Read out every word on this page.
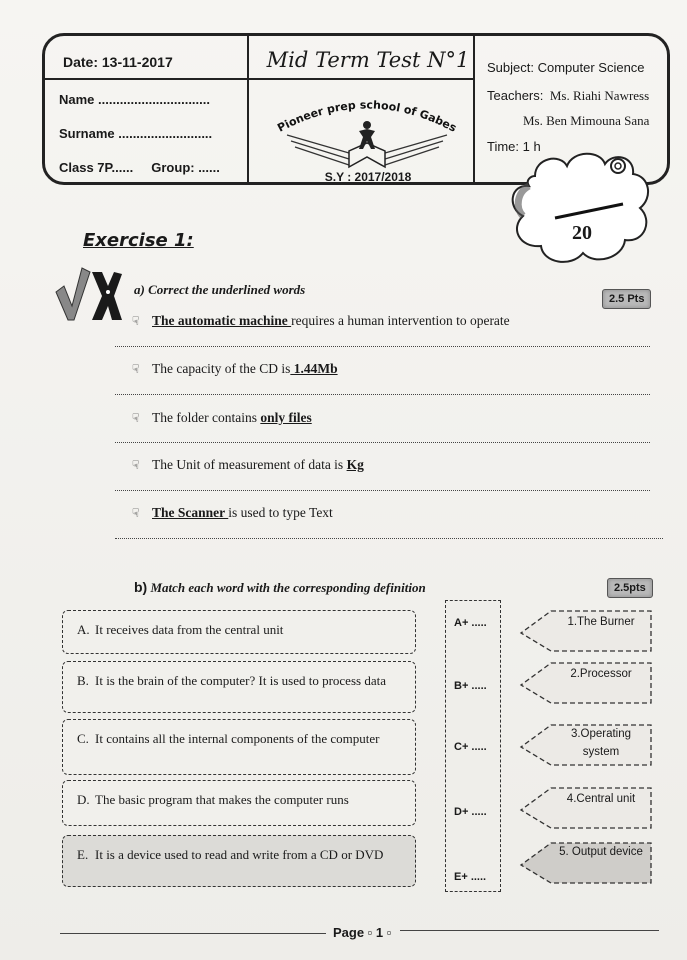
Date: 13-11-2017
Name ...............................
Surname ..........................
Class 7P...... Group: ......
Mid Term Test N°1
Pioneer prep school of Gabes
S.Y : 2017/2018
Subject: Computer Science
Teachers: Ms. Riahi Nawress
Ms. Ben Mimouna Sana
Time: 1 h
20
Exercise 1:
a) Correct the underlined words
2.5 Pts
☟ The automatic machine requires a human intervention to operate
☟ The capacity of the CD is 1.44Mb
☟ The folder contains only files
☟ The Unit of measurement of data is Kg
☟ The Scanner is used to type Text
b) Match each word with the corresponding definition	2.5pts
A. It receives data from the central unit
B. It is the brain of the computer? It is used to process data
C. It contains all the internal components of the computer
D. The basic program that makes the computer runs
E. It is a device used to read and write from a CD or DVD
A+ .....
B+ .....
C+ .....
D+ .....
E+ .....
1.The Burner
2.Processor
3.Operating system
4.Central unit
5. Output device
Page ▫ 1 ▫
